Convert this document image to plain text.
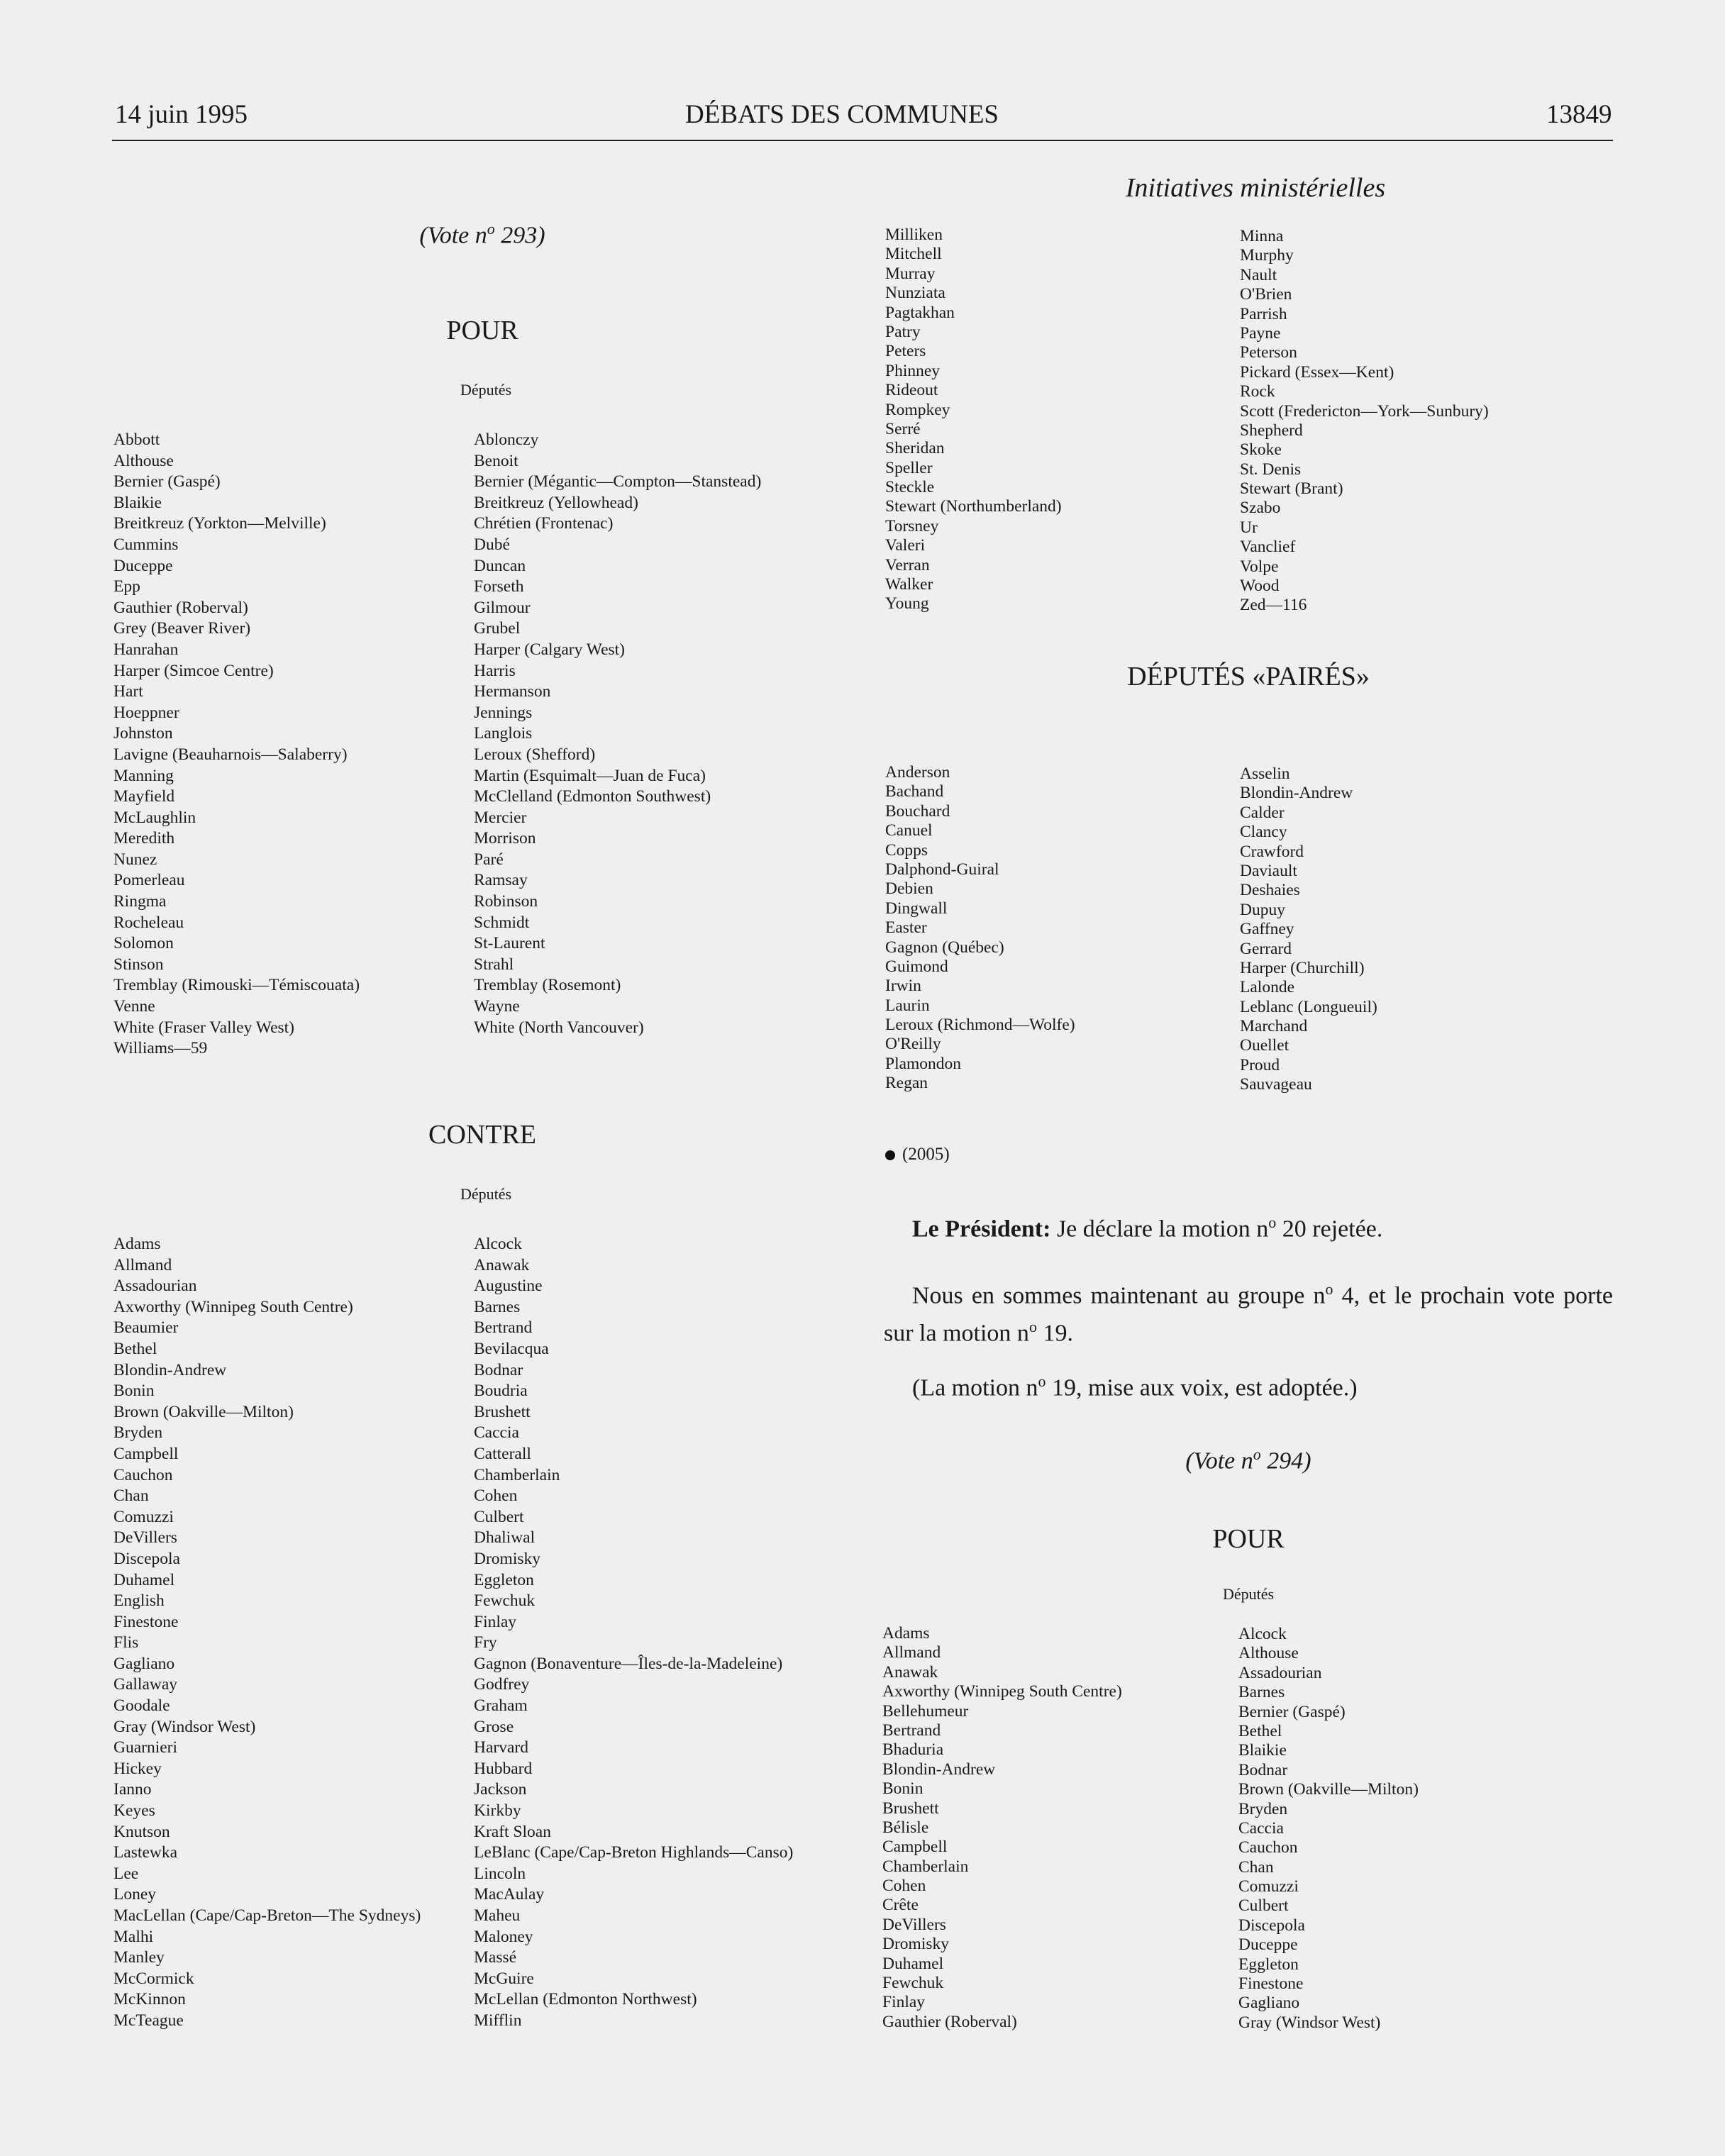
14 juin 1995	DÉBATS DES COMMUNES	13849
Initiatives ministérielles
(Vote $n^o$ 293)
POUR
Députés
Abbott
Althouse
Bernier (Gaspé)
Blaikie
Breitkreuz (Yorkton—Melville)
Cummins
Duceppe
Epp
Gauthier (Roberval)
Grey (Beaver River)
Hanrahan
Harper (Simcoe Centre)
Hart
Hoeppner
Johnston
Lavigne (Beauharnois—Salaberry)
Manning
Mayfield
McLaughlin
Meredith
Nunez
Pomerleau
Ringma
Rocheleau
Solomon
Stinson
Tremblay (Rimouski—Témiscouata)
Venne
White (Fraser Valley West)
Williams—59
Ablonczy
Benoit
Bernier (Mégantic—Compton—Stanstead)
Breitkreuz (Yellowhead)
Chrétien (Frontenac)
Dubé
Duncan
Forseth
Gilmour
Grubel
Harper (Calgary West)
Harris
Hermanson
Jennings
Langlois
Leroux (Shefford)
Martin (Esquimalt—Juan de Fuca)
McClelland (Edmonton Southwest)
Mercier
Morrison
Paré
Ramsay
Robinson
Schmidt
St-Laurent
Strahl
Tremblay (Rosemont)
Wayne
White (North Vancouver)
CONTRE
Députés
Adams
Allmand
Assadourian
Axworthy (Winnipeg South Centre)
Beaumier
Bethel
Blondin-Andrew
Bonin
Brown (Oakville—Milton)
Bryden
Campbell
Cauchon
Chan
Comuzzi
DeVillers
Discepola
Duhamel
English
Finestone
Flis
Gagliano
Gallaway
Goodale
Gray (Windsor West)
Guarnieri
Hickey
Ianno
Keyes
Knutson
Lastewka
Lee
Loney
MacLellan (Cape/Cap-Breton—The Sydneys)
Malhi
Manley
McCormick
McKinnon
McTeague
Alcock
Anawak
Augustine
Barnes
Bertrand
Bevilacqua
Bodnar
Boudria
Brushett
Caccia
Catterall
Chamberlain
Cohen
Culbert
Dhaliwal
Dromisky
Eggleton
Fewchuk
Finlay
Fry
Gagnon (Bonaventure—Îles-de-la-Madeleine)
Godfrey
Graham
Grose
Harvard
Hubbard
Jackson
Kirkby
Kraft Sloan
LeBlanc (Cape/Cap-Breton Highlands—Canso)
Lincoln
MacAulay
Maheu
Maloney
Massé
McGuire
McLellan (Edmonton Northwest)
Mifflin
Milliken
Mitchell
Murray
Nunziata
Pagtakhan
Patry
Peters
Phinney
Rideout
Rompkey
Serré
Sheridan
Speller
Steckle
Stewart (Northumberland)
Torsney
Valeri
Verran
Walker
Young
Minna
Murphy
Nault
O'Brien
Parrish
Payne
Peterson
Pickard (Essex—Kent)
Rock
Scott (Fredericton—York—Sunbury)
Shepherd
Skoke
St. Denis
Stewart (Brant)
Szabo
Ur
Vanclief
Volpe
Wood
Zed—116
DÉPUTÉS «PAIRÉS»
Anderson
Bachand
Bouchard
Canuel
Copps
Dalphond-Guiral
Debien
Dingwall
Easter
Gagnon (Québec)
Guimond
Irwin
Laurin
Leroux (Richmond—Wolfe)
O'Reilly
Plamondon
Regan
Asselin
Blondin-Andrew
Calder
Clancy
Crawford
Daviault
Deshaies
Dupuy
Gaffney
Gerrard
Harper (Churchill)
Lalonde
Leblanc (Longueuil)
Marchand
Ouellet
Proud
Sauvageau
(2005)
Le Président: Je déclare la motion $n^o$ 20 rejetée.
Nous en sommes maintenant au groupe $n^o$ 4, et le prochain vote porte sur la motion $n^o$ 19.
(La motion $n^o$ 19, mise aux voix, est adoptée.)
(Vote $n^o$ 294)
POUR
Députés
Adams
Allmand
Anawak
Axworthy (Winnipeg South Centre)
Bellehumeur
Bertrand
Bhaduria
Blondin-Andrew
Bonin
Brushett
Bélisle
Campbell
Chamberlain
Cohen
Crête
DeVillers
Dromisky
Duhamel
Fewchuk
Finlay
Gauthier (Roberval)
Alcock
Althouse
Assadourian
Barnes
Bernier (Gaspé)
Bethel
Blaikie
Bodnar
Brown (Oakville—Milton)
Bryden
Caccia
Cauchon
Chan
Comuzzi
Culbert
Discepola
Duceppe
Eggleton
Finestone
Gagliano
Gray (Windsor West)
